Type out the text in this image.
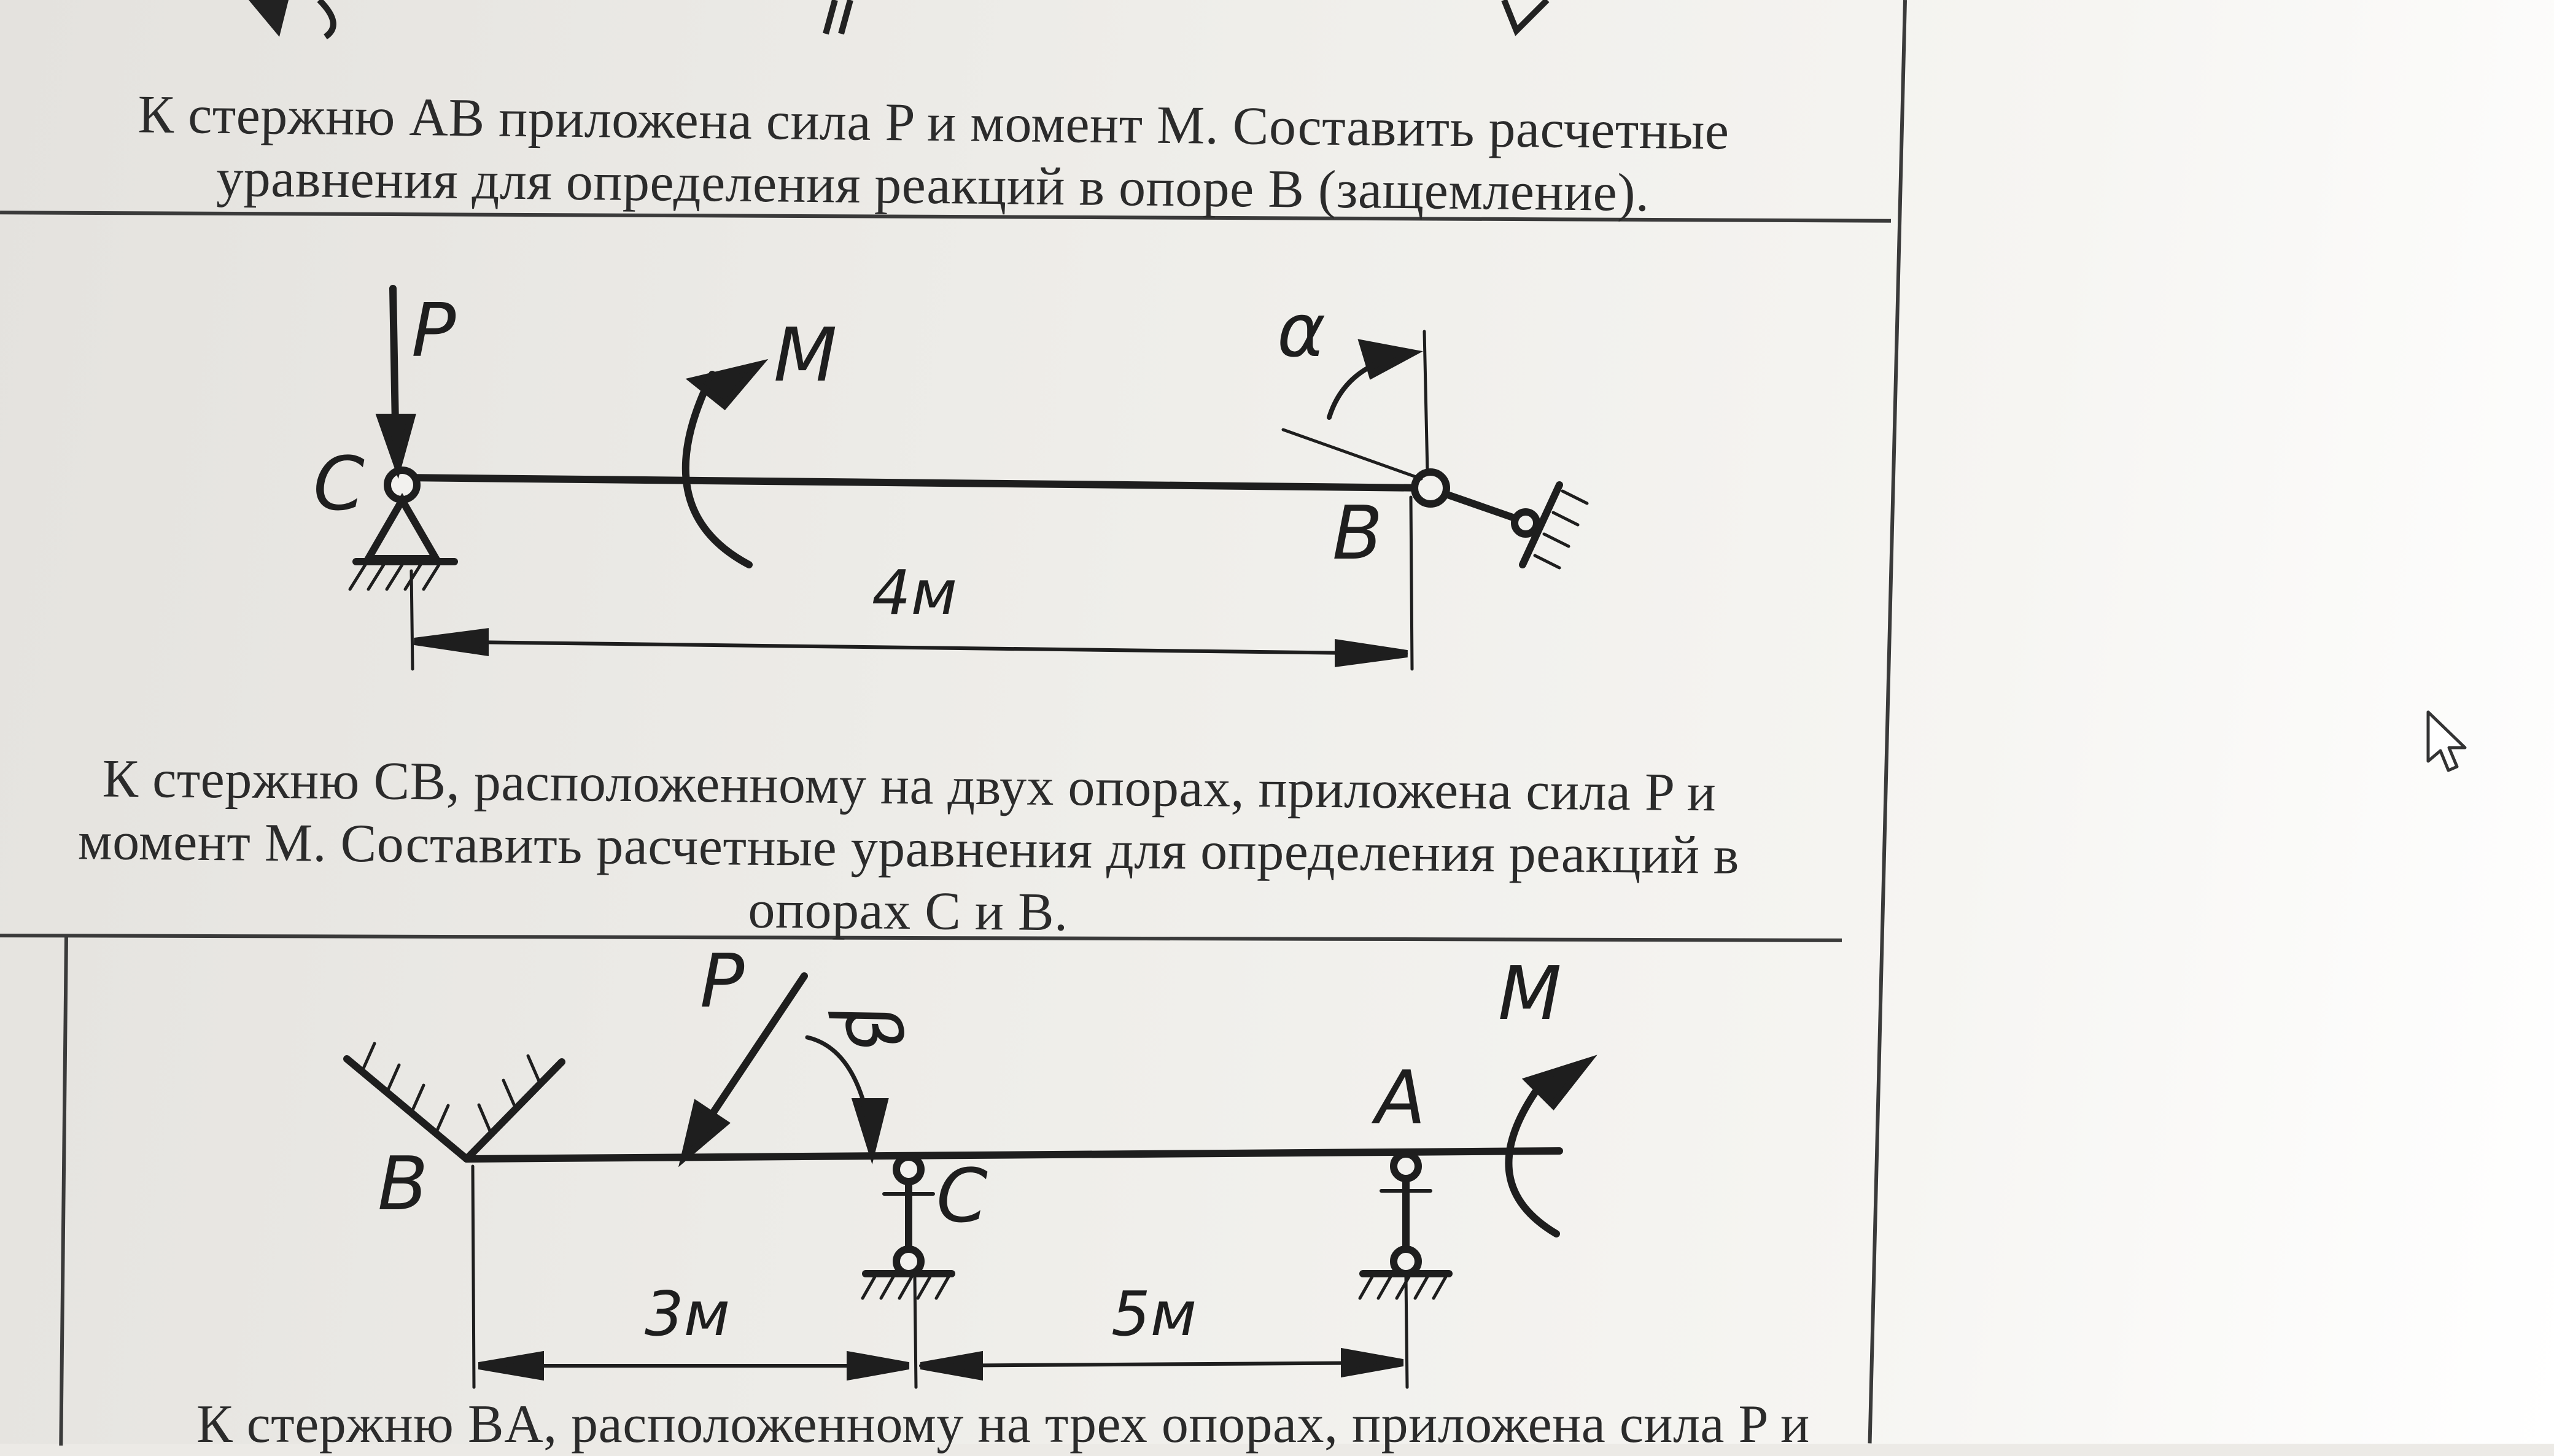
К стержню AB приложена сила P и момент M. Составить расчетные

уравнения для определения реакций в опоре B (защемление).

P	M	α
C
B
4м

К стержню CB, расположенному на двух опорах, приложена сила P и

момент M. Составить расчетные уравнения для определения реакций в

опорах C и B.

P
β	M
A
B	C
3м	5м

К стержню BA, расположенному на трех опорах, приложена сила P и
